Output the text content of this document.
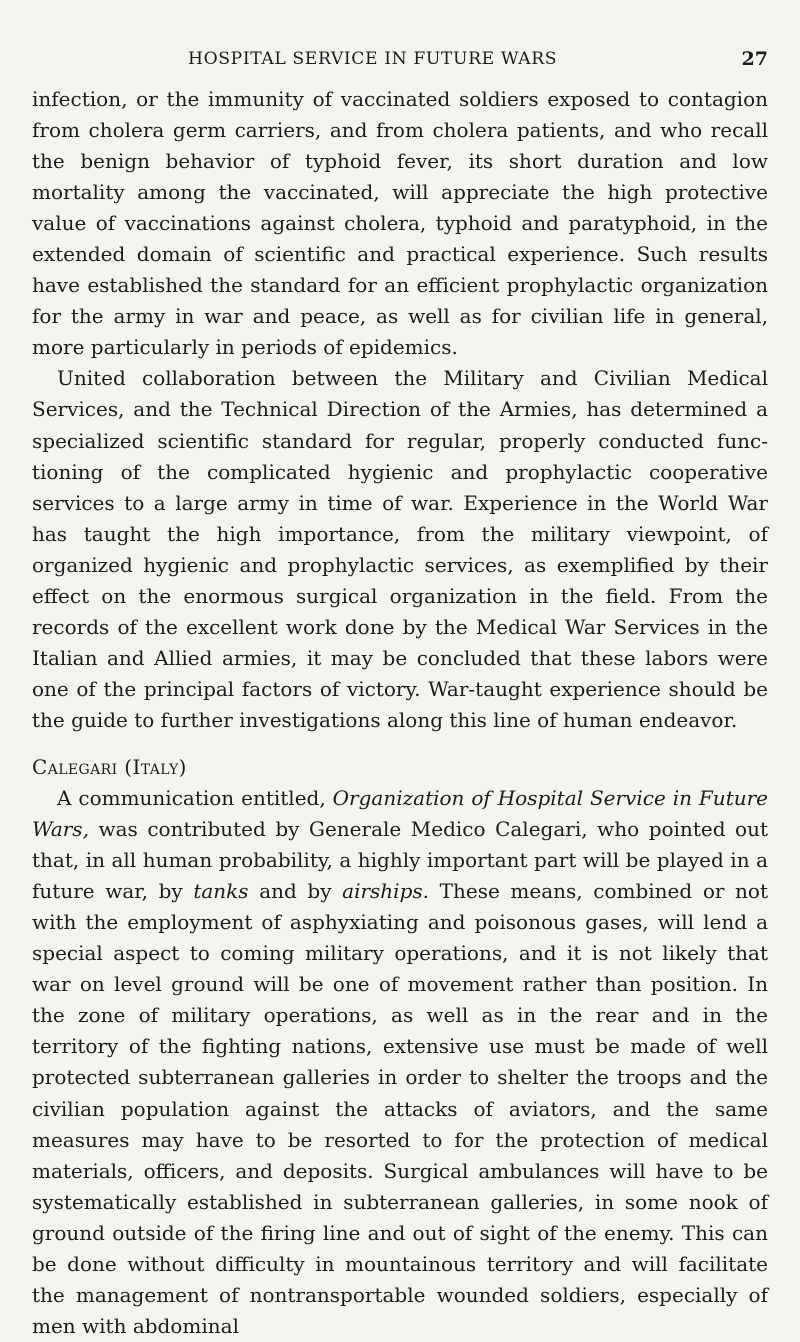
HOSPITAL SERVICE IN FUTURE WARS	27

infection, or the immunity of vaccinated soldiers exposed to contagion from cholera germ carriers, and from cholera patients, and who recall the benign behavior of typhoid fever, its short duration and low mortality among the vaccinated, will appreciate the high protective value of vaccinations against cholera, typhoid and paratyphoid, in the extended domain of scientific and practical experience. Such results have established the standard for an efficient prophylactic organization for the army in war and peace, as well as for civilian life in general, more particularly in periods of epidemics.

United collaboration between the Military and Civilian Medical Services, and the Technical Direction of the Armies, has determined a specialized scientific standard for regular, properly conducted functioning of the complicated hygienic and prophylactic cooperative services to a large army in time of war. Experience in the World War has taught the high importance, from the military viewpoint, of organized hygienic and prophylactic services, as exemplified by their effect on the enormous surgical organization in the field. From the records of the excellent work done by the Medical War Services in the Italian and Allied armies, it may be concluded that these labors were one of the principal factors of victory. War-taught experience should be the guide to further investigations along this line of human endeavor.

Calegari (Italy)

A communication entitled, Organization of Hospital Service in Future Wars, was contributed by Generale Medico Calegari, who pointed out that, in all human probability, a highly important part will be played in a future war, by tanks and by airships. These means, combined or not with the employment of asphyxiating and poisonous gases, will lend a special aspect to coming military operations, and it is not likely that war on level ground will be one of movement rather than position. In the zone of military operations, as well as in the rear and in the territory of the fighting nations, extensive use must be made of well protected subterranean galleries in order to shelter the troops and the civilian population against the attacks of aviators, and the same measures may have to be resorted to for the protection of medical materials, officers, and deposits. Surgical ambulances will have to be systematically established in subterranean galleries, in some nook of ground outside of the firing line and out of sight of the enemy. This can be done without difficulty in mountainous territory and will facilitate the management of nontransportable wounded soldiers, especially of men with abdominal
